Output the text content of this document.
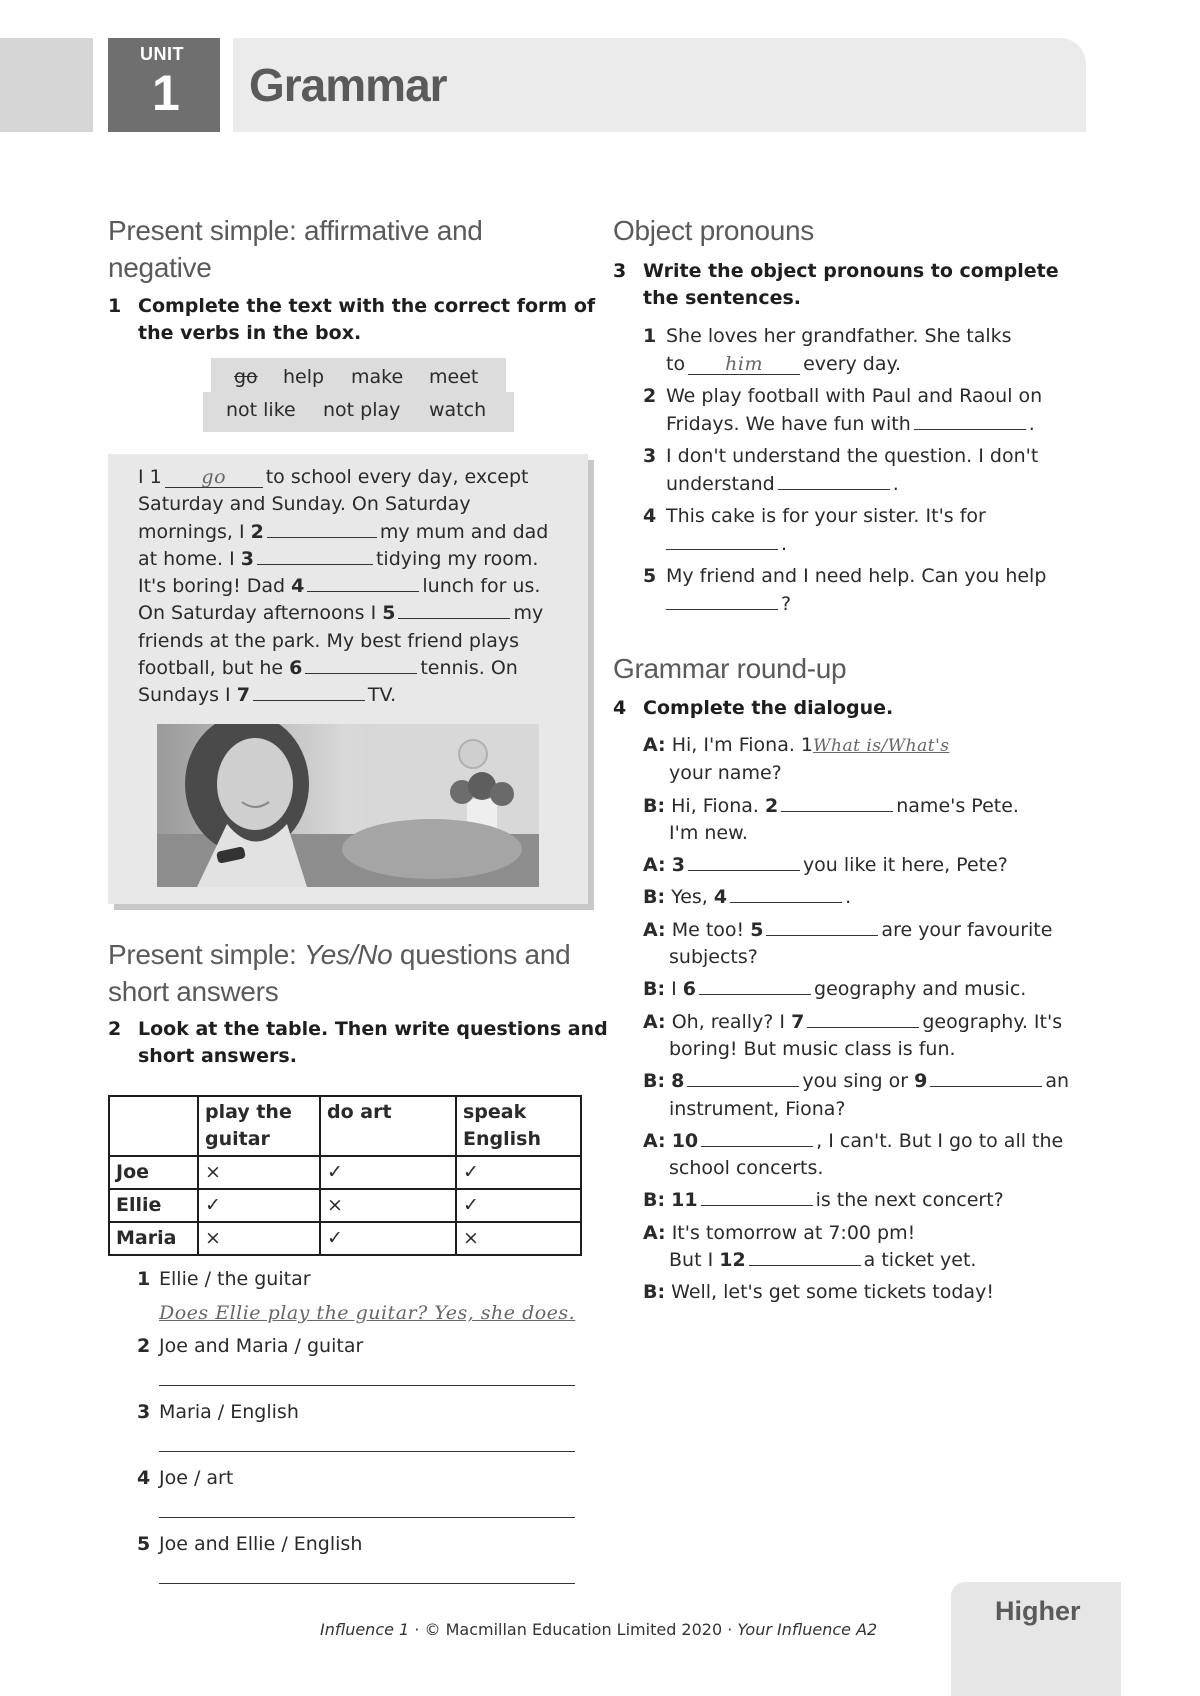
UNIT
1 Grammar
Present simple: affirmative and
negative
1 Complete the text with the correct form of
the verbs in the box.
go help make meet
not like not play watch
I 1 go to school every day, except
Saturday and Sunday. On Saturday
mornings, I 2	my mum and dad
at home. I 3	tidying my room.
It's boring! Dad 4	lunch for us.
On Saturday afternoons I 5	my
friends at the park. My best friend plays
football, but he 6	tennis. On
Sundays I 7	TV.
Present simple: Yes/No questions and
short answers
2 Look at the table. Then write questions and
short answers.
	play the guitar	do art	speak English
Joe	×	✓	✓
Ellie	✓	×	✓
Maria	×	✓	×
1 Ellie / the guitar
Does Ellie play the guitar? Yes, she does.
2 Joe and Maria / guitar
3 Maria / English
4 Joe / art
5 Joe and Ellie / English
Object pronouns
3 Write the object pronouns to complete
the sentences.
1 She loves her grandfather. She talks
to him every day.
2 We play football with Paul and Raoul on
Fridays. We have fun with	.
3 I don't understand the question. I don't
understand	.
4 This cake is for your sister. It's for
.
5 My friend and I need help. Can you help
?
Grammar round-up
4 Complete the dialogue.
A: Hi, I'm Fiona. 1What is/What's
your name?
B: Hi, Fiona. 2	name's Pete.
I'm new.
A: 3	you like it here, Pete?
B: Yes, 4	.
A: Me too! 5	are your favourite
subjects?
B: I 6	geography and music.
A: Oh, really? I 7	geography. It's
boring! But music class is fun.
B: 8	you sing or 9	an
instrument, Fiona?
A: 10	, I can't. But I go to all the
school concerts.
B: 11	is the next concert?
A: It's tomorrow at 7:00 pm!
But I 12	a ticket yet.
B: Well, let's get some tickets today!
Influence 1 · © Macmillan Education Limited 2020 · Your Influence A2
Higher
